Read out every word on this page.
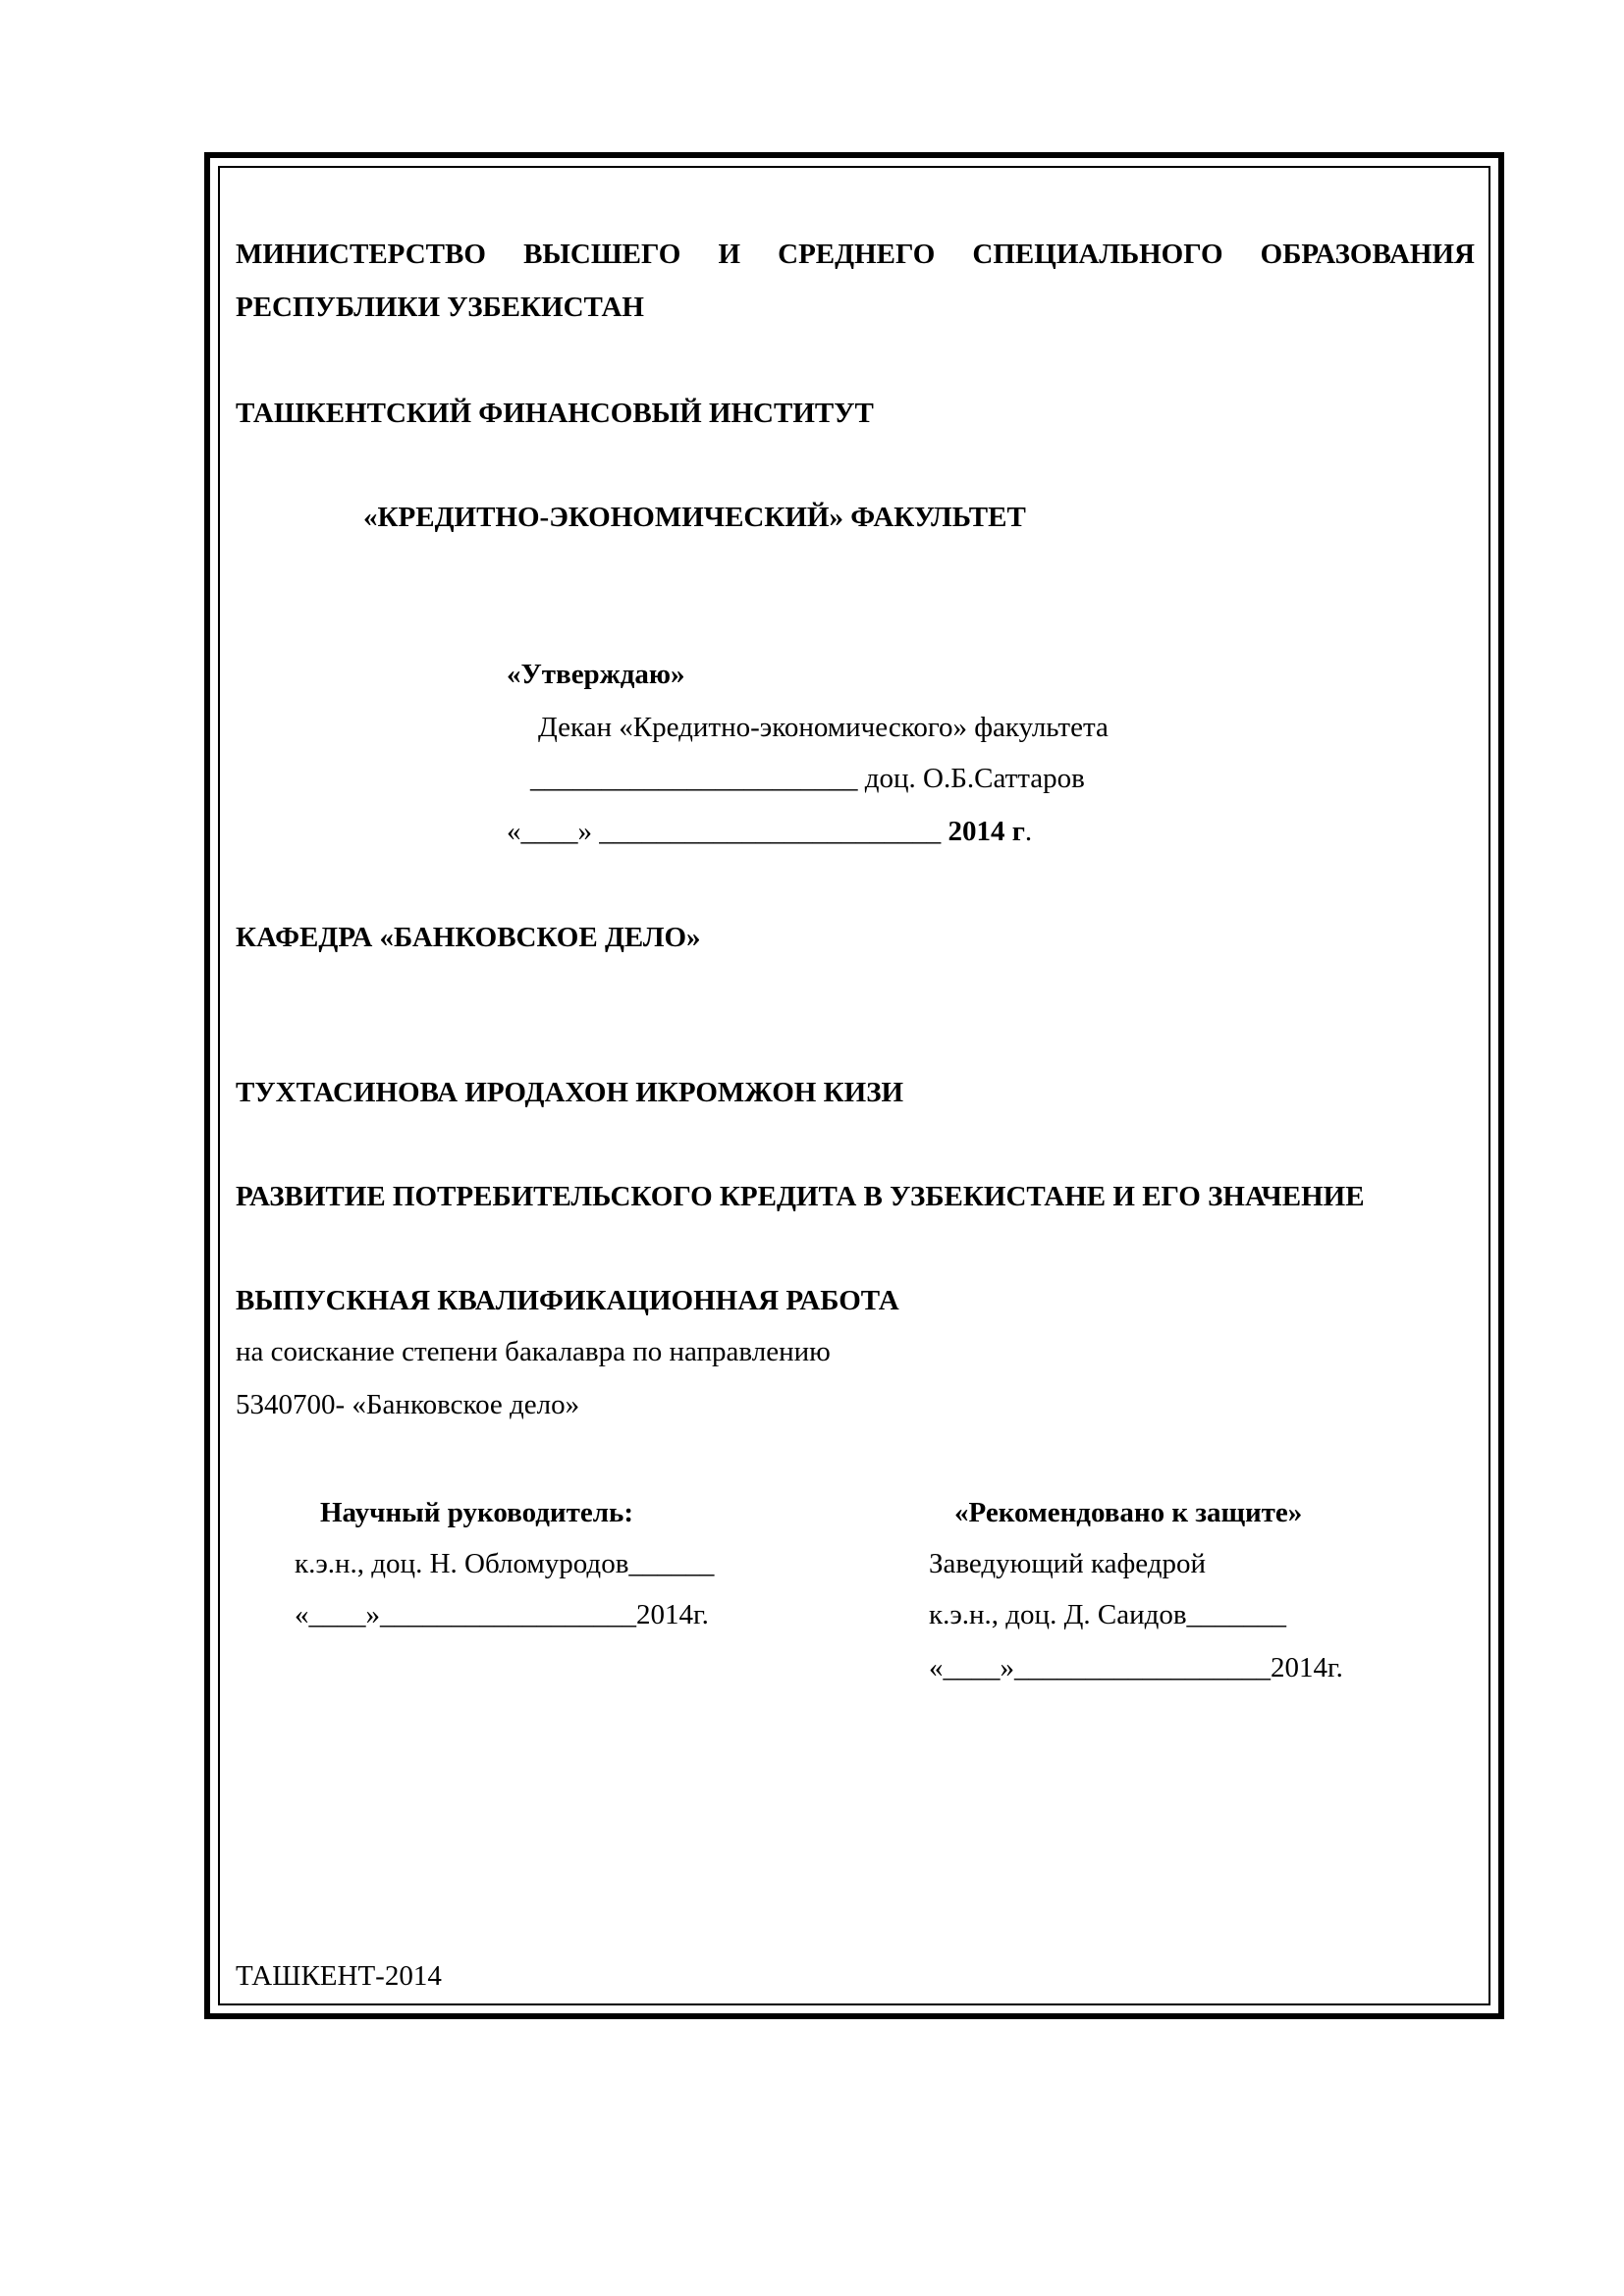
МИНИСТЕРСТВО ВЫСШЕГО И СРЕДНЕГО СПЕЦИАЛЬНОГО ОБРАЗОВАНИЯ
РЕСПУБЛИКИ УЗБЕКИСТАН
ТАШКЕНТСКИЙ ФИНАНСОВЫЙ ИНСТИТУТ
«КРЕДИТНО-ЭКОНОМИЧЕСКИЙ» ФАКУЛЬТЕТ
«Утверждаю»
Декан «Кредитно-экономического» факультета
_______________________ доц. О.Б.Саттаров
«____» ________________________ 2014 г.
КАФЕДРА «БАНКОВСКОЕ ДЕЛО»
ТУХТАСИНОВА ИРОДАХОН ИКРОМЖОН КИЗИ
РАЗВИТИЕ ПОТРЕБИТЕЛЬСКОГО КРЕДИТА В УЗБЕКИСТАНЕ И ЕГО ЗНАЧЕНИЕ
ВЫПУСКНАЯ КВАЛИФИКАЦИОННАЯ РАБОТА
на соискание степени бакалавра по направлению
5340700- «Банковское дело»
Научный руководитель:
к.э.н., доц. Н. Обломуродов______
«____»__________________2014г.
«Рекомендовано к защите»
Заведующий кафедрой
к.э.н., доц. Д. Саидов_______
«____»__________________2014г.
ТАШКЕНТ-2014
